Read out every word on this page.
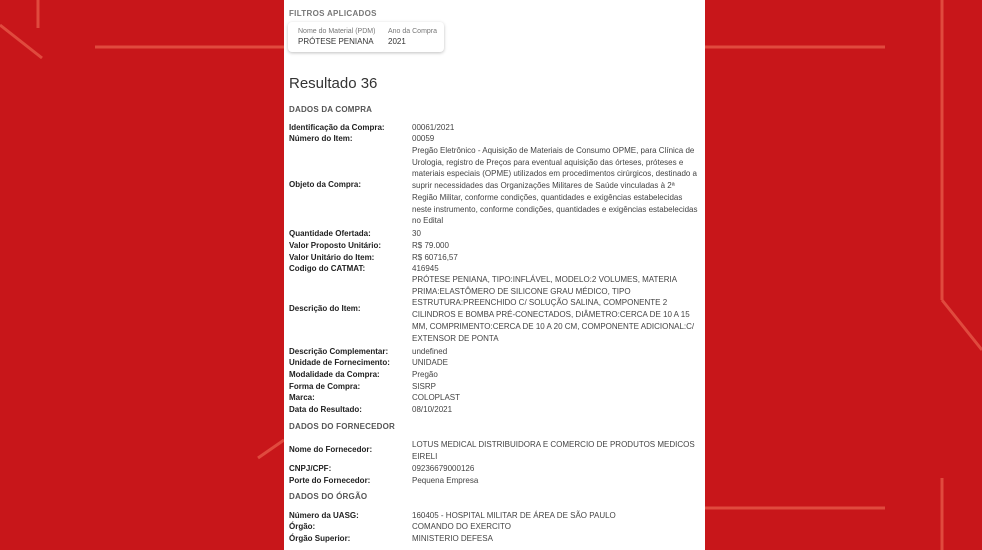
FILTROS APLICADOS
Nome do Material (PDM)
PRÓTESE PENIANA
Ano da Compra
2021
Resultado 36
DADOS DA COMPRA
Identificação da Compra:	00061/2021
Número do Item:	00059
Objeto da Compra:
Pregão Eletrônico - Aquisição de Materiais de Consumo OPME, para Clínica de Urologia, registro de Preços para eventual aquisição das órteses, próteses e materiais especiais (OPME) utilizados em procedimentos cirúrgicos, destinado a suprir necessidades das Organizações Militares de Saúde vinculadas à 2ª Região Militar, conforme condições, quantidades e exigências estabelecidas neste instrumento, conforme condições, quantidades e exigências estabelecidas no Edital
Quantidade Ofertada:	30
Valor Proposto Unitário:	R$ 79.000
Valor Unitário do Item:	R$ 60716,57
Codigo do CATMAT:	416945
Descrição do Item:
PRÓTESE PENIANA, TIPO:INFLÁVEL, MODELO:2 VOLUMES, MATERIA PRIMA:ELASTÔMERO DE SILICONE GRAU MÉDICO, TIPO ESTRUTURA:PREENCHIDO C/ SOLUÇÃO SALINA, COMPONENTE 2 CILINDROS E BOMBA PRÉ-CONECTADOS, DIÂMETRO:CERCA DE 10 A 15 MM, COMPRIMENTO:CERCA DE 10 A 20 CM, COMPONENTE ADICIONAL:C/ EXTENSOR DE PONTA
Descrição Complementar:	undefined
Unidade de Fornecimento:	UNIDADE
Modalidade da Compra:	Pregão
Forma de Compra:	SISRP
Marca:	COLOPLAST
Data do Resultado:	08/10/2021
DADOS DO FORNECEDOR
Nome do Fornecedor:
LOTUS MEDICAL DISTRIBUIDORA E COMERCIO DE PRODUTOS MEDICOS EIRELI
CNPJ/CPF:	09236679000126
Porte do Fornecedor:	Pequena Empresa
DADOS DO ÓRGÃO
Número da UASG:	160405 - HOSPITAL MILITAR DE ÁREA DE SÃO PAULO
Órgão:	COMANDO DO EXERCITO
Órgão Superior:	MINISTERIO DEFESA
